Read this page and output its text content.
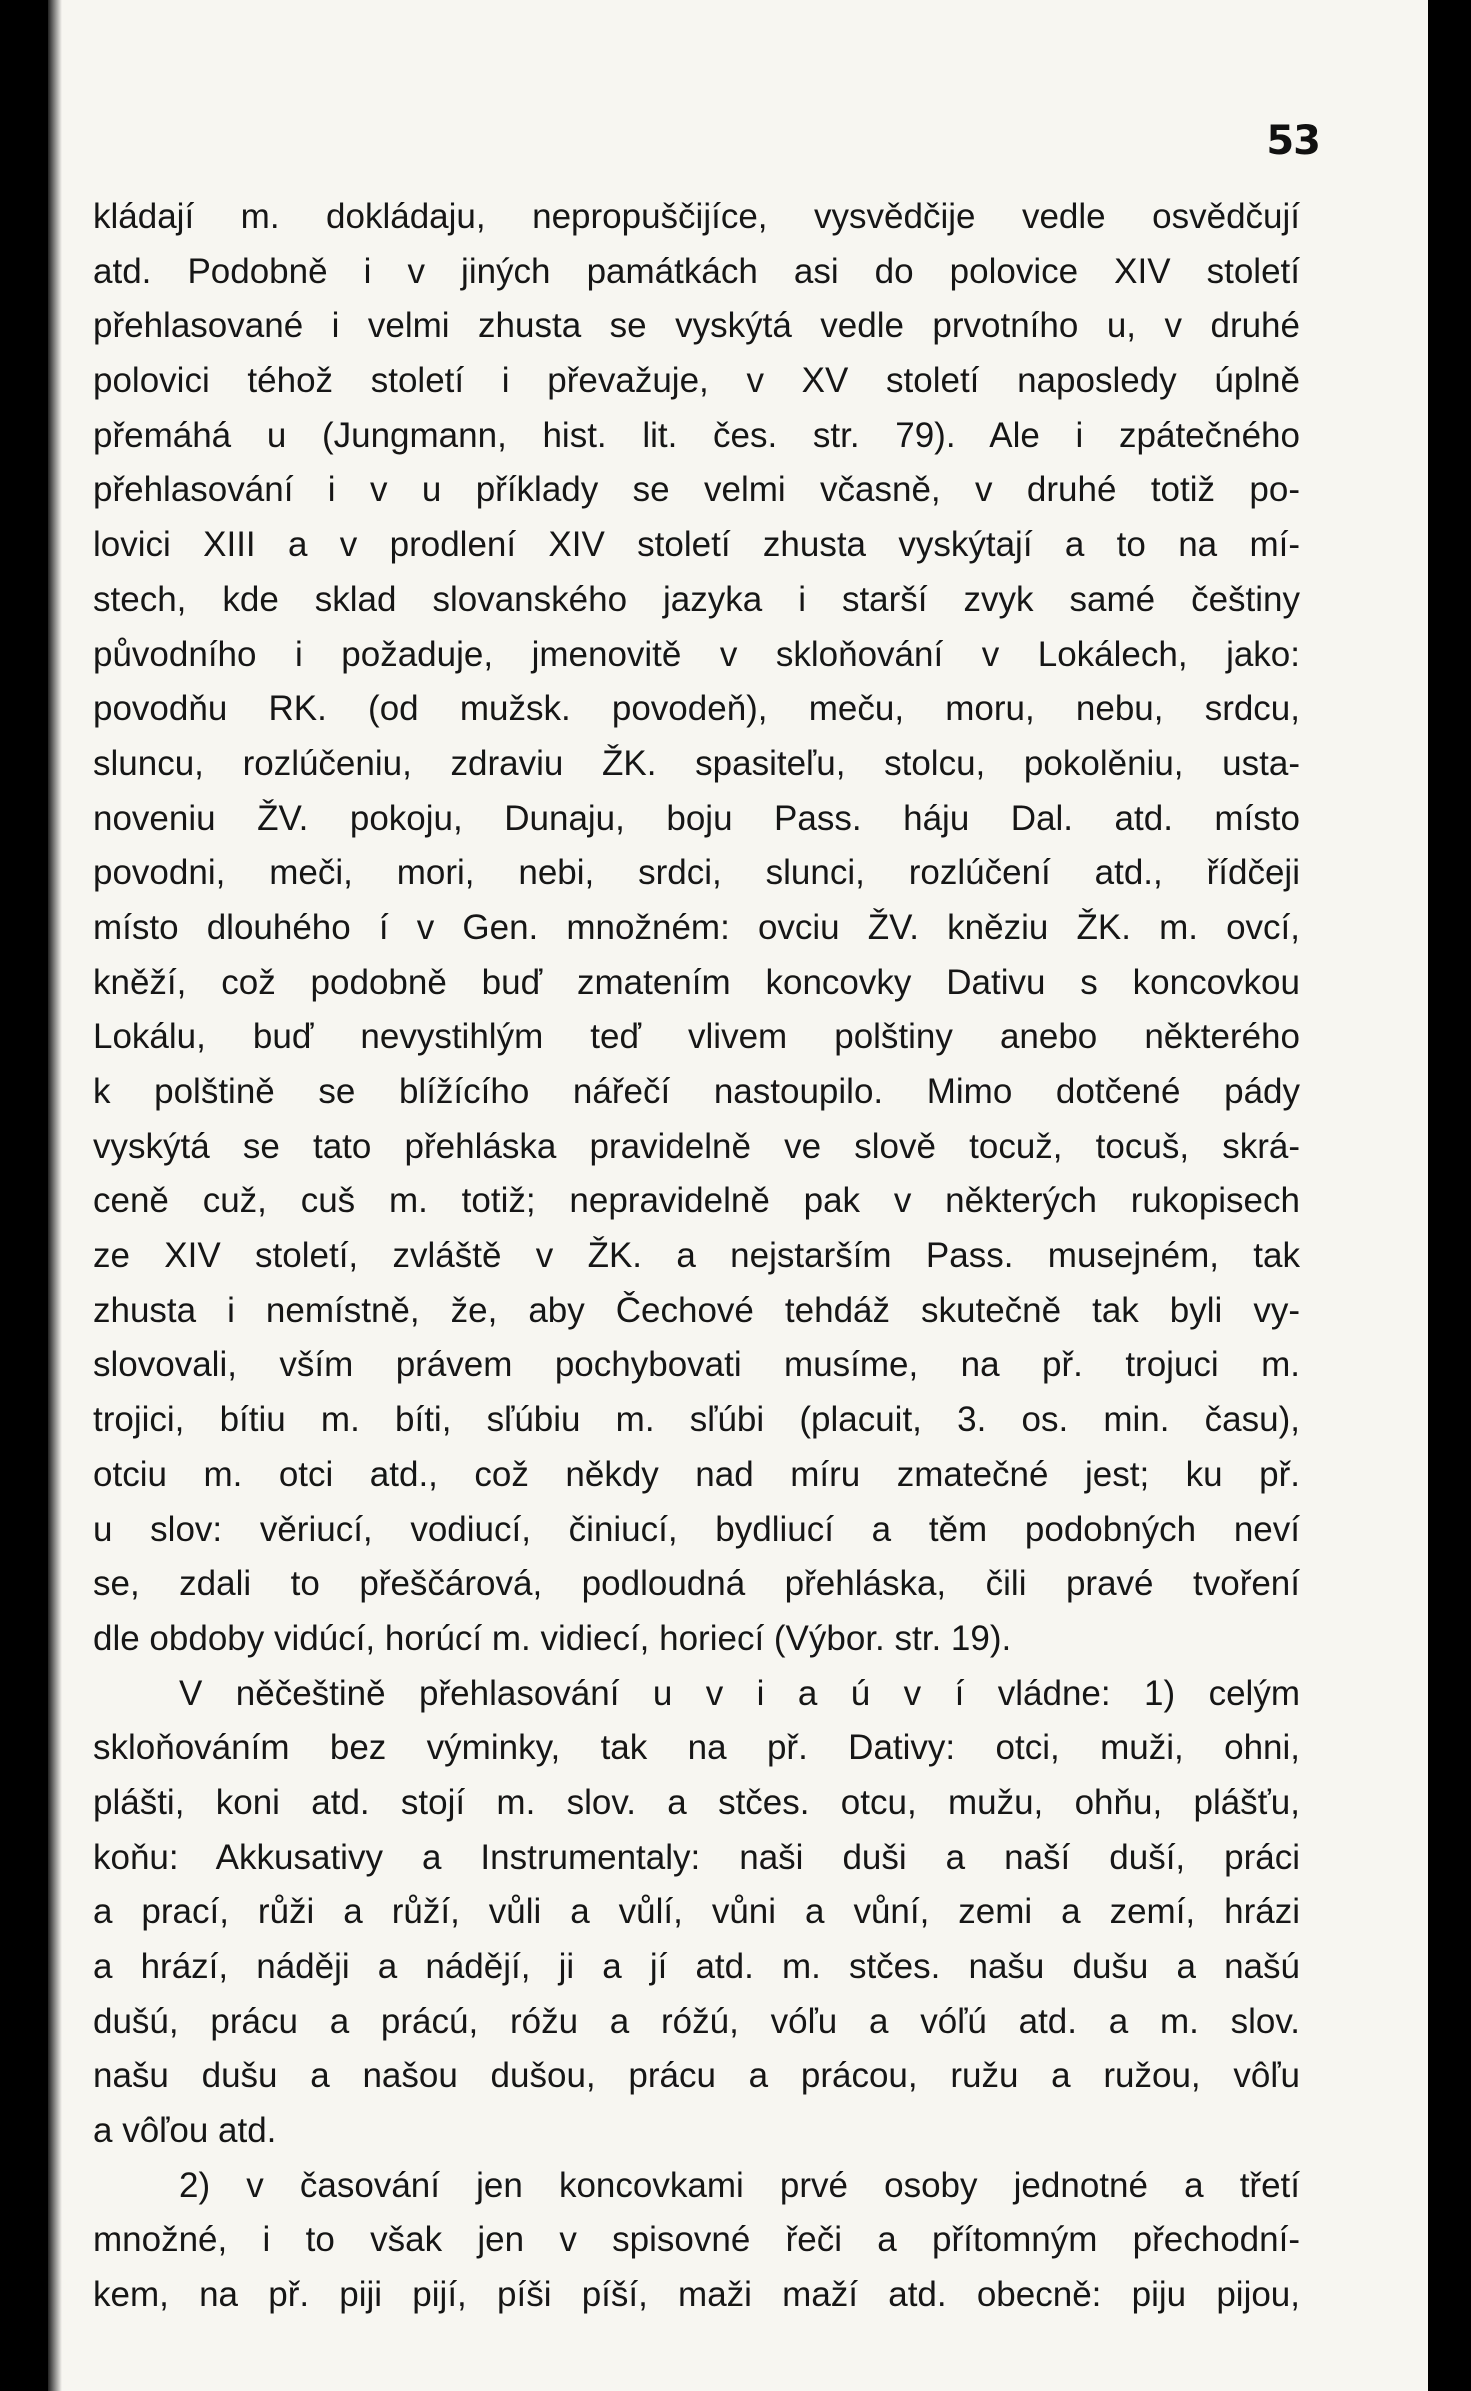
53
kládají m. dokládaju, nepropuščijíce, vysvědčije vedle osvědčují
atd. Podobně i v jiných památkách asi do polovice XIV století
přehlasované i velmi zhusta se vyskýtá vedle prvotního u, v druhé
polovici téhož století i převažuje, v XV století naposledy úplně
přemáhá u (Jungmann, hist. lit. čes. str. 79). Ale i zpátečného
přehlasování i v u příklady se velmi včasně, v druhé totiž po-
lovici XIII a v prodlení XIV století zhusta vyskýtají a to na mí-
stech, kde sklad slovanského jazyka i starší zvyk samé češtiny
původního i požaduje, jmenovitě v skloňování v Lokálech, jako:
povodňu RK. (od mužsk. povodeň), meču, moru, nebu, srdcu,
sluncu, rozlúčeniu, zdraviu ŽK. spasiteľu, stolcu, pokolěniu, usta-
noveniu ŽV. pokoju, Dunaju, boju Pass. háju Dal. atd. místo
povodni, meči, mori, nebi, srdci, slunci, rozlúčení atd., řídčeji
místo dlouhého í v Gen. množném: ovciu ŽV. kněziu ŽK. m. ovcí,
kněží, což podobně buď zmatením koncovky Dativu s koncovkou
Lokálu, buď nevystihlým teď vlivem polštiny anebo některého
k polštině se blížícího nářečí nastoupilo. Mimo dotčené pády
vyskýtá se tato přehláska pravidelně ve slově tocuž, tocuš, skrá-
ceně cuž, cuš m. totiž; nepravidelně pak v některých rukopisech
ze XIV století, zvláště v ŽK. a nejstarším Pass. musejném, tak
zhusta i nemístně, že, aby Čechové tehdáž skutečně tak byli vy-
slovovali, vším právem pochybovati musíme, na př. trojuci m.
trojici, bítiu m. bíti, sľúbiu m. sľúbi (placuit, 3. os. min. času),
otciu m. otci atd., což někdy nad míru zmatečné jest; ku př.
u slov: věriucí, vodiucí, činiucí, bydliucí a těm podobných neví
se, zdali to přeščárová, podloudná přehláska, čili pravé tvoření
dle obdoby vidúcí, horúcí m. vidiecí, horiecí (Výbor. str. 19).
V něčeštině přehlasování u v i a ú v í vládne: 1) celým
skloňováním bez výminky, tak na př. Dativy: otci, muži, ohni,
plášti, koni atd. stojí m. slov. a stčes. otcu, mužu, ohňu, plášťu,
koňu: Akkusativy a Instrumentaly: naši duši a naší duší, práci
a prací, růži a růží, vůli a vůlí, vůni a vůní, zemi a zemí, hrázi
a hrází, náději a nádějí, ji a jí atd. m. stčes. našu dušu a našú
dušú, prácu a prácú, róžu a róžú, vóľu a vóľú atd. a m. slov.
našu dušu a našou dušou, prácu a prácou, ružu a ružou, vôľu
a vôľou atd.
2) v časování jen koncovkami prvé osoby jednotné a třetí
množné, i to však jen v spisovné řeči a přítomným přechodní-
kem, na př. piji pijí, píši píší, maži maží atd. obecně: piju pijou,
